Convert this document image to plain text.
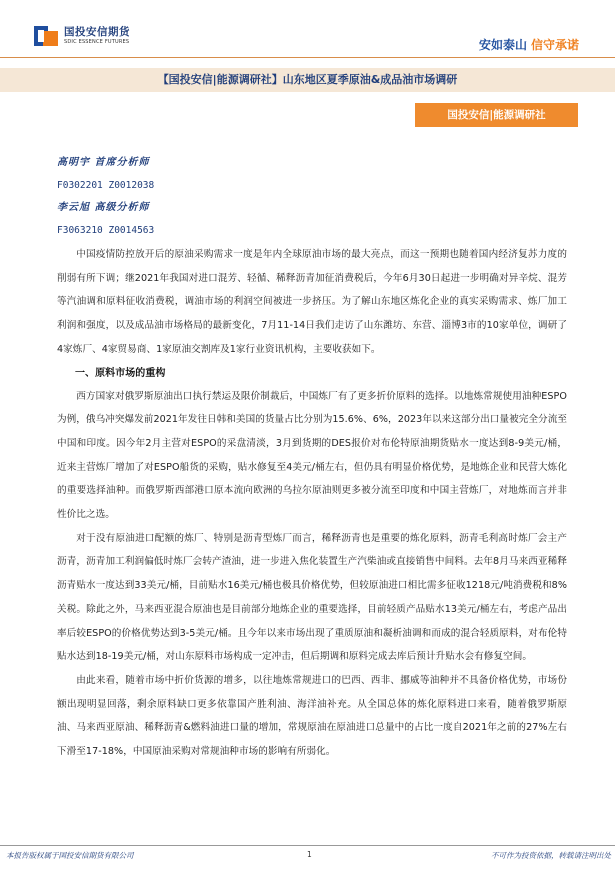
国投安信期货
SDIC ESSENCE FUTURES	安如泰山 信守承诺
【国投安信|能源调研社】山东地区夏季原油&成品油市场调研
国投安信|能源调研社
高明宇 首席分析师
F0302201 Z0012038
李云旭 高级分析师
F3063210 Z0014563

中国疫情防控放开后的原油采购需求一度是年内全球原油市场的最大亮点，而这一预期也随着国内经济复苏力度的削弱有所下调；继2021年我国对进口混芳、轻循、稀释沥青加征消费税后，今年6月30日起进一步明确对异辛烷、混芳等汽油调和原料征收消费税，调油市场的利润空间被进一步挤压。为了解山东地区炼化企业的真实采购需求、炼厂加工利润和强度，以及成品油市场格局的最新变化，7月11-14日我们走访了山东潍坊、东营、淄博3市的10家单位，调研了4家炼厂、4家贸易商、1家原油交割库及1家行业资讯机构，主要收获如下。

一、原料市场的重构

西方国家对俄罗斯原油出口执行禁运及限价制裁后，中国炼厂有了更多折价原料的选择。以地炼常规使用油种ESPO为例，俄乌冲突爆发前2021年发往日韩和美国的货量占比分别为15.6%、6%，2023年以来这部分出口量被完全分流至中国和印度。因今年2月主营对ESPO的采盘清淡，3月到货期的DES报价对布伦特原油期货贴水一度达到8-9美元/桶，近来主营炼厂增加了对ESPO船货的采购，贴水修复至4美元/桶左右，但仍具有明显价格优势，是地炼企业和民营大炼化的重要选择油种。而俄罗斯西部港口原本流向欧洲的乌拉尔原油则更多被分流至印度和中国主营炼厂，对地炼而言并非性价比之选。

对于没有原油进口配额的炼厂、特别是沥青型炼厂而言，稀释沥青也是重要的炼化原料，沥青毛利高时炼厂会主产沥青，沥青加工利润偏低时炼厂会转产渣油，进一步进入焦化装置生产汽柴油或直接销售中间料。去年8月马来西亚稀释沥青贴水一度达到33美元/桶，目前贴水16美元/桶也极具价格优势，但较原油进口相比需多征收1218元/吨消费税和8%关税。除此之外，马来西亚混合原油也是目前部分地炼企业的重要选择，目前轻质产品贴水13美元/桶左右，考虑产品出率后较ESPO的价格优势达到3-5美元/桶。且今年以来市场出现了重质原油和凝析油调和而成的混合轻质原料，对布伦特贴水达到18-19美元/桶，对山东原料市场构成一定冲击，但后期调和原料完成去库后预计升贴水会有修复空间。

由此来看，随着市场中折价货源的增多，以往地炼常规进口的巴西、西非、挪威等油种并不具备价格优势，市场份额出现明显回落，剩余原料缺口更多依靠国产胜利油、海洋油补充。从全国总体的炼化原料进口来看，随着俄罗斯原油、马来西亚原油、稀释沥青&燃料油进口量的增加，常规原油在原油进口总量中的占比一度自2021年之前的27%左右下滑至17-18%，中国原油采购对常规油种市场的影响有所弱化。

本报告版权属于国投安信期货有限公司	1	不可作为投资依据，转载请注明出处
